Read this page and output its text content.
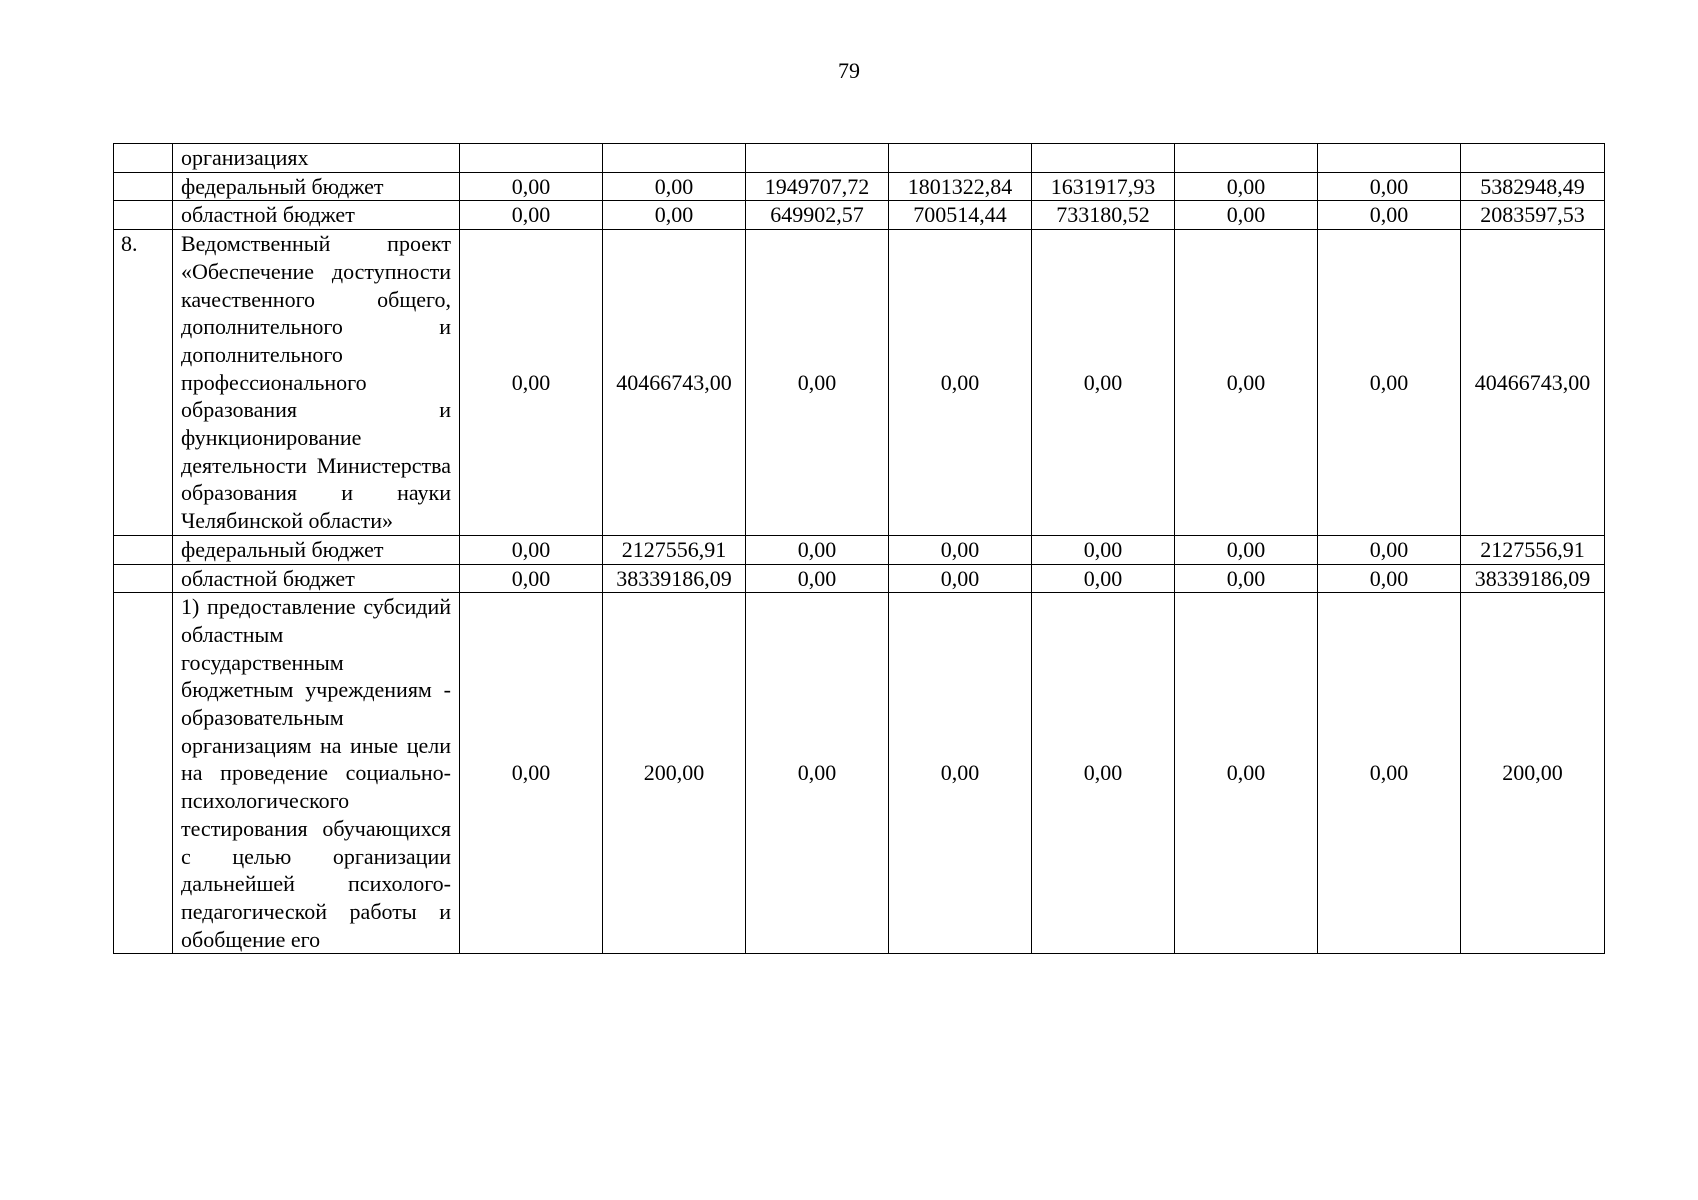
79
	организациях								
	федеральный бюджет	0,00	0,00	1949707,72	1801322,84	1631917,93	0,00	0,00	5382948,49
	областной бюджет	0,00	0,00	649902,57	700514,44	733180,52	0,00	0,00	2083597,53
8.	Ведомственный проект «Обеспечение доступности качественного общего, дополнительного и дополнительного профессионального образования и функционирование деятельности Министерства образования и науки Челябинской области»	0,00	40466743,00	0,00	0,00	0,00	0,00	0,00	40466743,00
	федеральный бюджет	0,00	2127556,91	0,00	0,00	0,00	0,00	0,00	2127556,91
	областной бюджет	0,00	38339186,09	0,00	0,00	0,00	0,00	0,00	38339186,09
	1) предоставление субсидий областным государственным бюджетным учреждениям - образовательным организациям на иные цели на проведение социально-психологического тестирования обучающихся с целью организации дальнейшей психолого-педагогической работы и обобщение его	0,00	200,00	0,00	0,00	0,00	0,00	0,00	200,00
